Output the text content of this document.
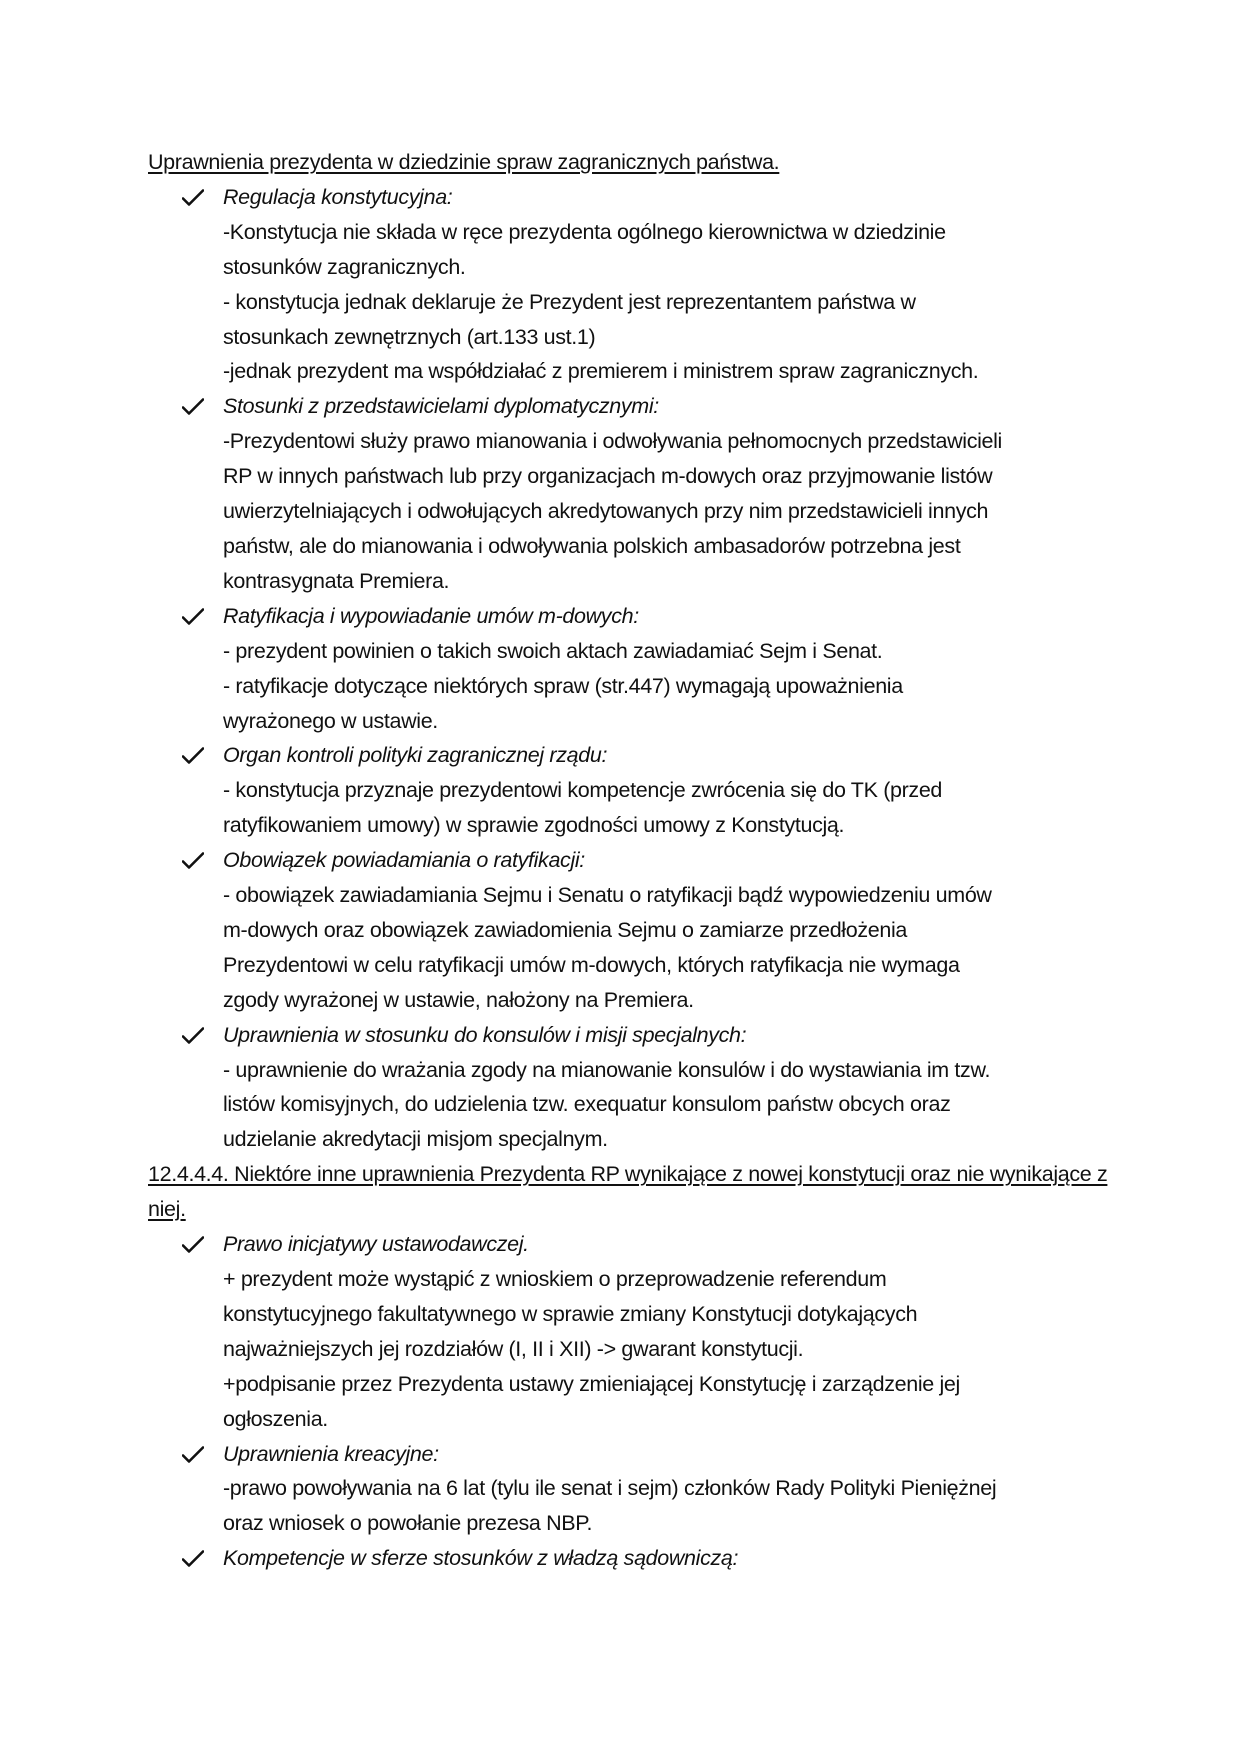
Uprawnienia prezydenta w dziedzinie spraw zagranicznych państwa.

Regulacja konstytucyjna:
-Konstytucja nie składa w ręce prezydenta ogólnego kierownictwa w dziedzinie
stosunków zagranicznych.
- konstytucja jednak deklaruje że Prezydent jest reprezentantem państwa w
stosunkach zewnętrznych (art.133 ust.1)
-jednak prezydent ma współdziałać z premierem i ministrem spraw zagranicznych.
Stosunki z przedstawicielami dyplomatycznymi:
-Prezydentowi służy prawo mianowania i odwoływania pełnomocnych przedstawicieli
RP w innych państwach lub przy organizacjach m-dowych oraz przyjmowanie listów
uwierzytelniających i odwołujących akredytowanych przy nim przedstawicieli innych
państw, ale do mianowania i odwoływania polskich ambasadorów potrzebna jest
kontrasygnata Premiera.
Ratyfikacja i wypowiadanie umów m-dowych:
- prezydent powinien o takich swoich aktach zawiadamiać Sejm i Senat.
- ratyfikacje dotyczące niektórych spraw (str.447) wymagają upoważnienia
wyrażonego w ustawie.
Organ kontroli polityki zagranicznej rządu:
- konstytucja przyznaje prezydentowi kompetencje zwrócenia się do TK (przed
ratyfikowaniem umowy) w sprawie zgodności umowy z Konstytucją.
Obowiązek powiadamiania o ratyfikacji:
- obowiązek zawiadamiania Sejmu i Senatu o ratyfikacji bądź wypowiedzeniu umów
m-dowych oraz obowiązek zawiadomienia Sejmu o zamiarze przedłożenia
Prezydentowi w celu ratyfikacji umów m-dowych, których ratyfikacja nie wymaga
zgody wyrażonej w ustawie, nałożony na Premiera.
Uprawnienia w stosunku do konsulów i misji specjalnych:
- uprawnienie do wrażania zgody na mianowanie konsulów i do wystawiania im tzw.
listów komisyjnych, do udzielenia tzw. exequatur konsulom państw obcych oraz
udzielanie akredytacji misjom specjalnym.

12.4.4.4. Niektóre inne uprawnienia Prezydenta RP wynikające z nowej konstytucji oraz nie wynikające z niej.

Prawo inicjatywy ustawodawczej.
+ prezydent może wystąpić z wnioskiem o przeprowadzenie referendum
konstytucyjnego fakultatywnego w sprawie zmiany Konstytucji dotykających
najważniejszych jej rozdziałów (I, II i XII) -> gwarant konstytucji.
+podpisanie przez Prezydenta ustawy zmieniającej Konstytucję i zarządzenie jej
ogłoszenia.
Uprawnienia kreacyjne:
-prawo powoływania na 6 lat (tylu ile senat i sejm) członków Rady Polityki Pieniężnej
oraz wniosek o powołanie prezesa NBP.
Kompetencje w sferze stosunków z władzą sądowniczą:
